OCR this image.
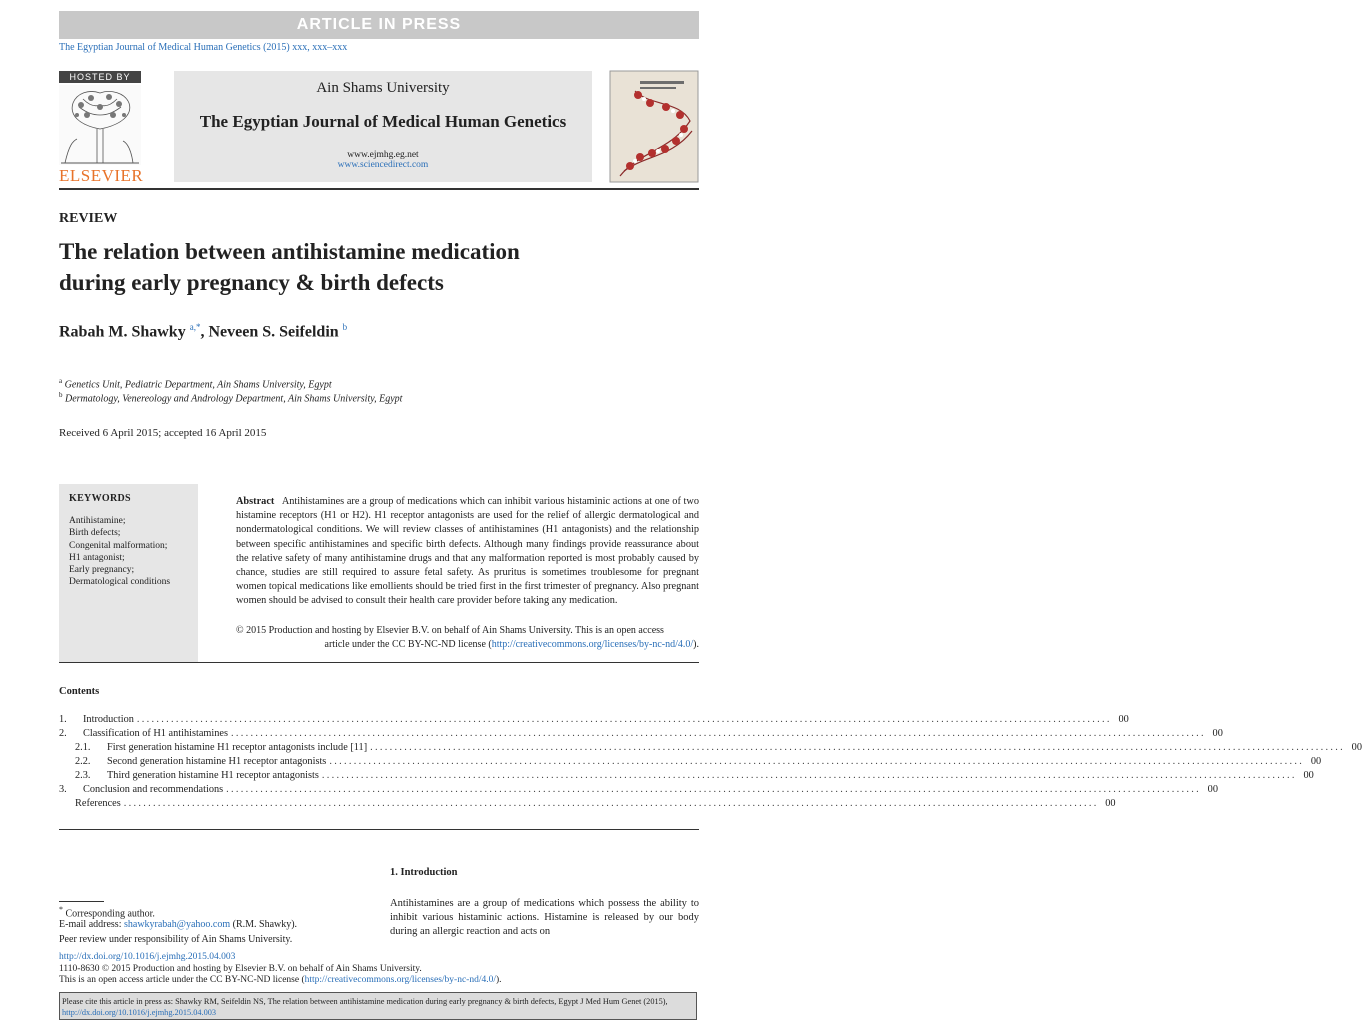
ARTICLE IN PRESS
The Egyptian Journal of Medical Human Genetics (2015) xxx, xxx–xxx
HOSTED BY
ELSEVIER
Ain Shams University
The Egyptian Journal of Medical Human Genetics
www.ejmhg.eg.net
www.sciencedirect.com
REVIEW
The relation between antihistamine medication
during early pregnancy & birth defects
Rabah M. Shawky $^{a,*}$, Neveen S. Seifeldin $^b$
$^a$ Genetics Unit, Pediatric Department, Ain Shams University, Egypt
$^b$ Dermatology, Venereology and Andrology Department, Ain Shams University, Egypt
Received 6 April 2015; accepted 16 April 2015
KEYWORDS
Antihistamine;
Birth defects;
Congenital malformation;
H1 antagonist;
Early pregnancy;
Dermatological conditions
Abstract Antihistamines are a group of medications which can inhibit various histaminic actions at one of two histamine receptors (H1 or H2). H1 receptor antagonists are used for the relief of allergic dermatological and nondermatological conditions. We will review classes of antihistamines (H1 antagonists) and the relationship between specific antihistamines and specific birth defects. Although many findings provide reassurance about the relative safety of many antihistamine drugs and that any malformation reported is most probably caused by chance, studies are still required to assure fetal safety. As pruritus is sometimes troublesome for pregnant women topical medications like emollients should be tried first in the first trimester of pregnancy. Also pregnant women should be advised to consult their health care provider before taking any medication.
© 2015 Production and hosting by Elsevier B.V. on behalf of Ain Shams University. This is an open access
article under the CC BY-NC-ND license (http://creativecommons.org/licenses/by-nc-nd/4.0/).
Contents
1.	Introduction ........................................................................................................................................................................................................ 00
2.	Classification of H1 antihistamines ........................................................................................................................................................................................................ 00
2.1.	First generation histamine H1 receptor antagonists include [11] ........................................................................................................................................................................................................ 00
2.2.	Second generation histamine H1 receptor antagonists ........................................................................................................................................................................................................ 00
2.3.	Third generation histamine H1 receptor antagonists ........................................................................................................................................................................................................ 00
3.	Conclusion and recommendations ........................................................................................................................................................................................................ 00
References ........................................................................................................................................................................................................ 00
1. Introduction
Antihistamines are a group of medications which possess the ability to inhibit various histaminic actions. Histamine is released by our body during an allergic reaction and acts on
* Corresponding author.
E-mail address: shawkyrabah@yahoo.com (R.M. Shawky).
Peer review under responsibility of Ain Shams University.
http://dx.doi.org/10.1016/j.ejmhg.2015.04.003
1110-8630 © 2015 Production and hosting by Elsevier B.V. on behalf of Ain Shams University.
This is an open access article under the CC BY-NC-ND license (http://creativecommons.org/licenses/by-nc-nd/4.0/).
Please cite this article in press as: Shawky RM, Seifeldin NS, The relation between antihistamine medication during early pregnancy & birth defects, Egypt J Med Hum Genet (2015), http://dx.doi.org/10.1016/j.ejmhg.2015.04.003
